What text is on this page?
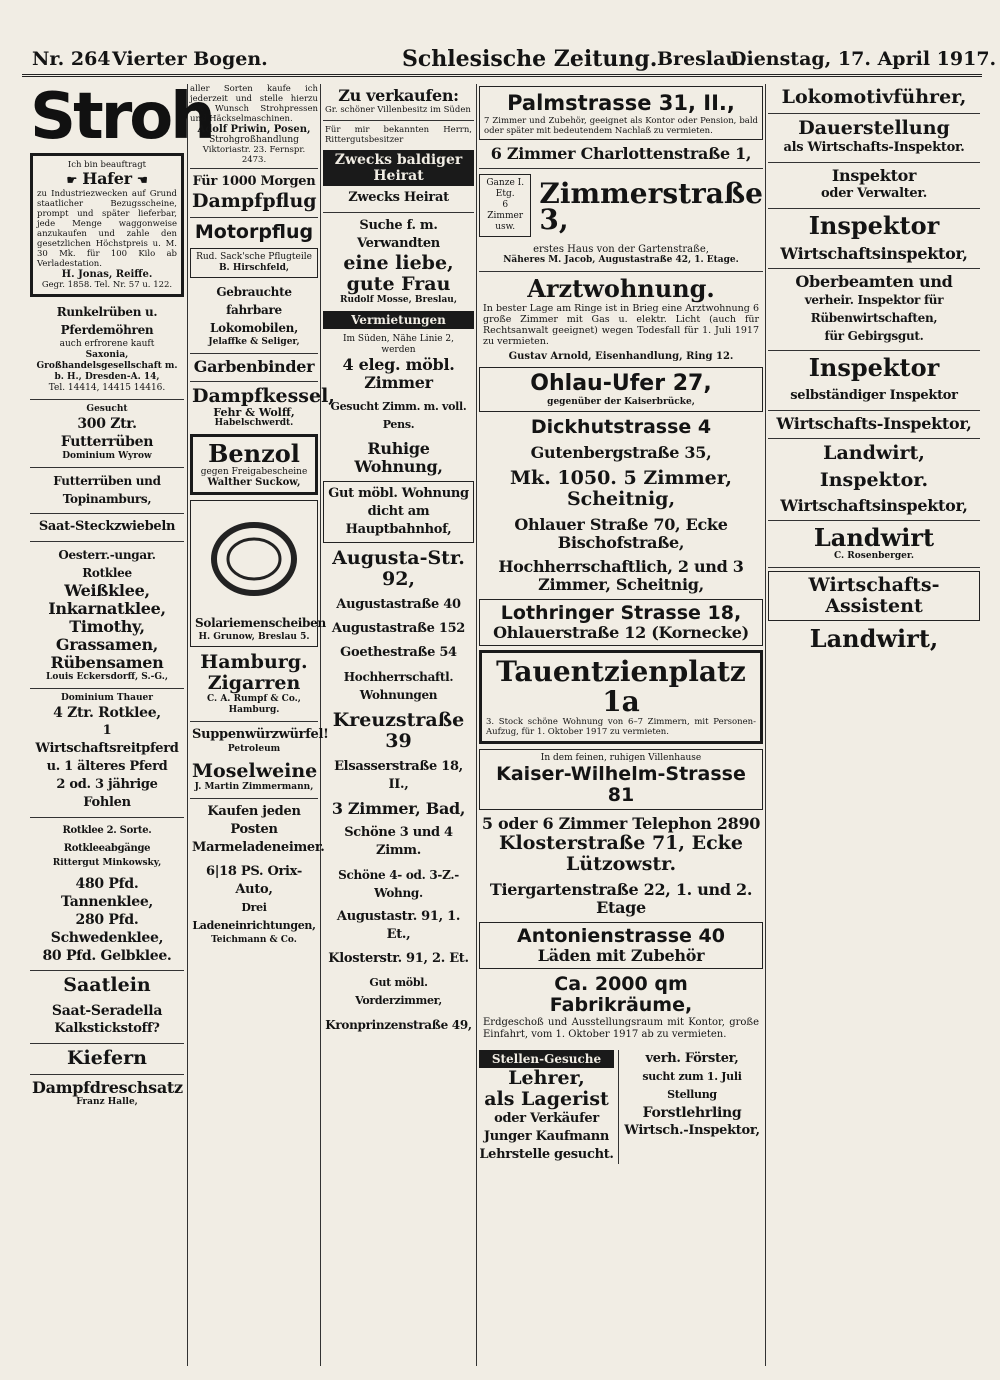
Nr. 264 Vierter Bogen.	Schlesische Zeitung. Breslau.
Dienstag, 17. April 1917.
Stroh
Ich bin beauftragt
☛ Hafer ☚
zu Industriezwecken auf Grund staatlicher Bezugsscheine, prompt und später lieferbar, jede Menge waggonweise anzukaufen und zahle den gesetzlichen Höchstpreis u. M. 30 Mk. für 100 Kilo ab Verladestation.
H. Jonas, Reiffe.
Gegr. 1858. Tel. Nr. 57 u. 122.
Runkelrüben u. Pferdemöhren
auch erfrorene kauft
Saxonia, Großhandelsgesellschaft m. b. H., Dresden-A. 14,
Tel. 14414, 14415 14416.
Gesucht
300 Ztr. Futterrüben
Dominium Wyrow
Futterrüben und Topinamburs,
Saat-Steckzwiebeln
Oesterr.-ungar. Rotklee
Weißklee,
Inkarnatklee,
Timothy,
Grassamen,
Rübensamen
Louis Eckersdorff, S.-G.,
Dominium Thauer
4 Ztr. Rotklee,
1 Wirtschaftsreitpferd
u. 1 älteres Pferd
2 od. 3 jährige Fohlen
Rotklee 2. Sorte. Rotkleeabgänge
Rittergut Minkowsky,
480 Pfd. Tannenklee,
280 Pfd. Schwedenklee,
80 Pfd. Gelbklee.
Saatlein
Saat-Seradella
Kalkstickstoff?
Kiefern
Dampfdreschsatz
Franz Halle,
aller Sorten kaufe ich jederzeit und stelle hierzu auf Wunsch Strohpressen und Häckselmaschinen.
Adolf Priwin, Posen,
Strohgroßhandlung
Viktoriastr. 23. Fernspr. 2473.
Für 1000 Morgen
Dampfpflug
Motorpflug
Rud. Sack'sche Pflugteile
B. Hirschfeld,
Gebrauchte fahrbare Lokomobilen,
Jelaffke & Seliger,
Garbenbinder
Dampfkessel,
Fehr & Wolff,
Habelschwerdt.
Benzol
gegen Freigabescheine
Walther Suckow,
Solariemenscheiben
H. Grunow, Breslau 5.
Hamburg. Zigarren
C. A. Rumpf & Co., Hamburg.
Suppenwürzwürfel!
Petroleum
Moselweine
J. Martin Zimmermann,
Kaufen jeden Posten
Marmeladeneimer.
6|18 PS. Orix-Auto,
Drei Ladeneinrichtungen,
Teichmann & Co.
Zu verkaufen:
Gr. schöner Villenbesitz im Süden
Für mir bekannten Herrn, Rittergutsbesitzer
Zwecks baldiger Heirat
Zwecks Heirat
Suche f. m. Verwandten
eine liebe, gute Frau
Rudolf Mosse, Breslau,
Vermietungen
Im Süden, Nähe Linie 2, werden
4 eleg. möbl. Zimmer
Gesucht Zimm. m. voll. Pens.
Ruhige Wohnung,
Gut möbl. Wohnung
dicht am Hauptbahnhof,
Augusta-Str. 92,
Augustastraße 40
Augustastraße 152
Goethestraße 54
Hochherrschaftl. Wohnungen
Kreuzstraße 39
Elsasserstraße 18, II.,
3 Zimmer, Bad,
Schöne 3 und 4 Zimm.
Schöne 4- od. 3-Z.-Wohng.
Augustastr. 91, 1. Et.,
Klosterstr. 91, 2. Et.
Gut möbl. Vorderzimmer,
Kronprinzenstraße 49,
Palmstrasse 31, II.,
7 Zimmer und Zubehör, geeignet als Kontor oder Pension, bald oder später mit bedeutendem Nachlaß zu vermieten.
6 Zimmer Charlottenstraße 1,
Ganze I. Etg.
6 Zimmer usw.
Zimmerstraße 3,
erstes Haus von der Gartenstraße,
Näheres M. Jacob, Augustastraße 42, 1. Etage.
Arztwohnung.
In bester Lage am Ringe ist in Brieg eine Arztwohnung 6 große Zimmer mit Gas u. elektr. Licht (auch für Rechtsanwalt geeignet) wegen Todesfall für 1. Juli 1917 zu vermieten.
Gustav Arnold, Eisenhandlung, Ring 12.
Ohlau-Ufer 27,
gegenüber der Kaiserbrücke,
Dickhutstrasse 4
Gutenbergstraße 35,
Mk. 1050. 5 Zimmer, Scheitnig,
Ohlauer Straße 70, Ecke Bischofstraße,
Hochherrschaftlich, 2 und 3 Zimmer, Scheitnig,
Lothringer Strasse 18,
Ohlauerstraße 12 (Kornecke)
Tauentzienplatz 1a
3. Stock schöne Wohnung von 6–7 Zimmern, mit Personen-Aufzug, für 1. Oktober 1917 zu vermieten.
In dem feinen, ruhigen Villenhause
Kaiser-Wilhelm-Strasse 81
5 oder 6 Zimmer Telephon 2890
Klosterstraße 71, Ecke Lützowstr.
Tiergartenstraße 22, 1. und 2. Etage
Antonienstrasse 40
Läden mit Zubehör
Ca. 2000 qm Fabrikräume,
Erdgeschoß und Ausstellungsraum mit Kontor, große Einfahrt, vom 1. Oktober 1917 ab zu vermieten.
Stellen-Gesuche
Lehrer,
als Lagerist
oder Verkäufer
Junger Kaufmann
Lehrstelle gesucht.
verh. Förster,
sucht zum 1. Juli Stellung
Forstlehrling
Wirtsch.-Inspektor,
Lokomotivführer,
Dauerstellung
als Wirtschafts-Inspektor.
Inspektor
oder Verwalter.
Inspektor
Wirtschaftsinspektor,
Oberbeamten und
verheir. Inspektor für Rübenwirtschaften,
für Gebirgsgut.
Inspektor
selbständiger Inspektor
Wirtschafts-Inspektor,
Landwirt,
Inspektor.
Wirtschaftsinspektor,
Landwirt
C. Rosenberger.
Wirtschafts-Assistent
Landwirt,
